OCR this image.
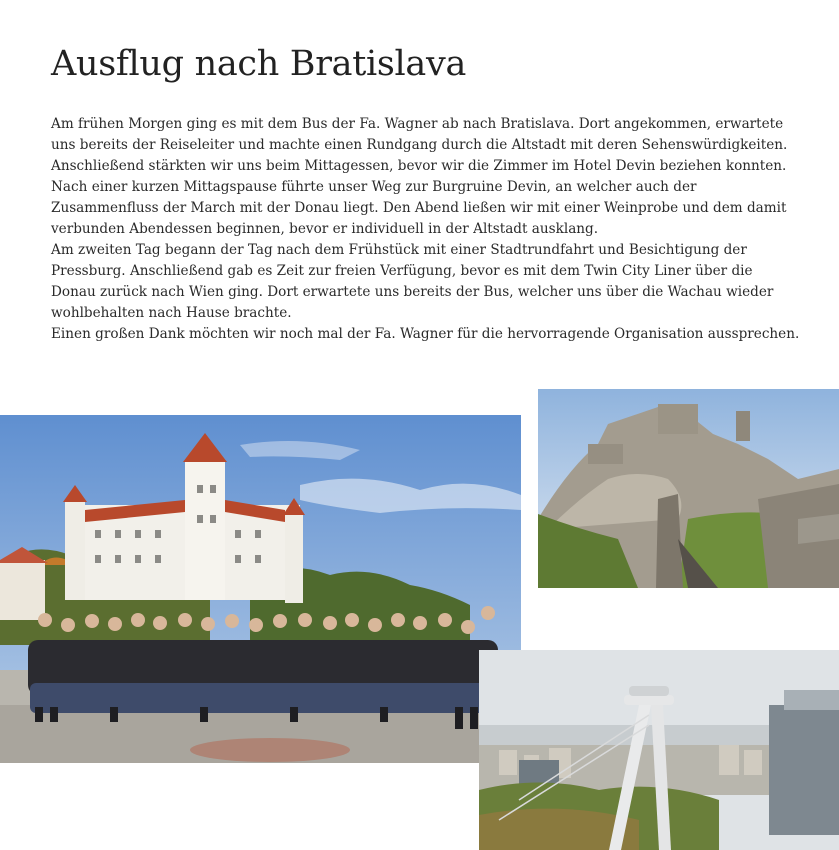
Ausflug nach Bratislava

Am frühen Morgen ging es mit dem Bus der Fa. Wagner ab nach Bratislava. Dort angekommen, erwartete uns bereits der Reiseleiter und machte einen Rundgang durch die Altstadt mit deren Sehenswürdigkeiten. Anschließend stärkten wir uns beim Mittagessen, bevor wir die Zimmer im Hotel Devin beziehen konnten. Nach einer kurzen Mittagspause führte unser Weg zur Burgruine Devin, an welcher auch der Zusammenfluss der March mit der Donau liegt. Den Abend ließen wir mit einer Weinprobe und dem damit verbunden Abendessen beginnen, bevor er individuell in der Altstadt ausklang.

Am zweiten Tag begann der Tag nach dem Frühstück mit einer Stadtrundfahrt und Besichtigung der Pressburg. Anschließend gab es Zeit zur freien Verfügung, bevor es mit dem Twin City Liner über die Donau zurück nach Wien ging. Dort erwartete uns bereits der Bus, welcher uns über die Wachau wieder wohlbehalten nach Hause brachte.

Einen großen Dank möchten wir noch mal der Fa. Wagner für die hervorragende Organisation aussprechen.
